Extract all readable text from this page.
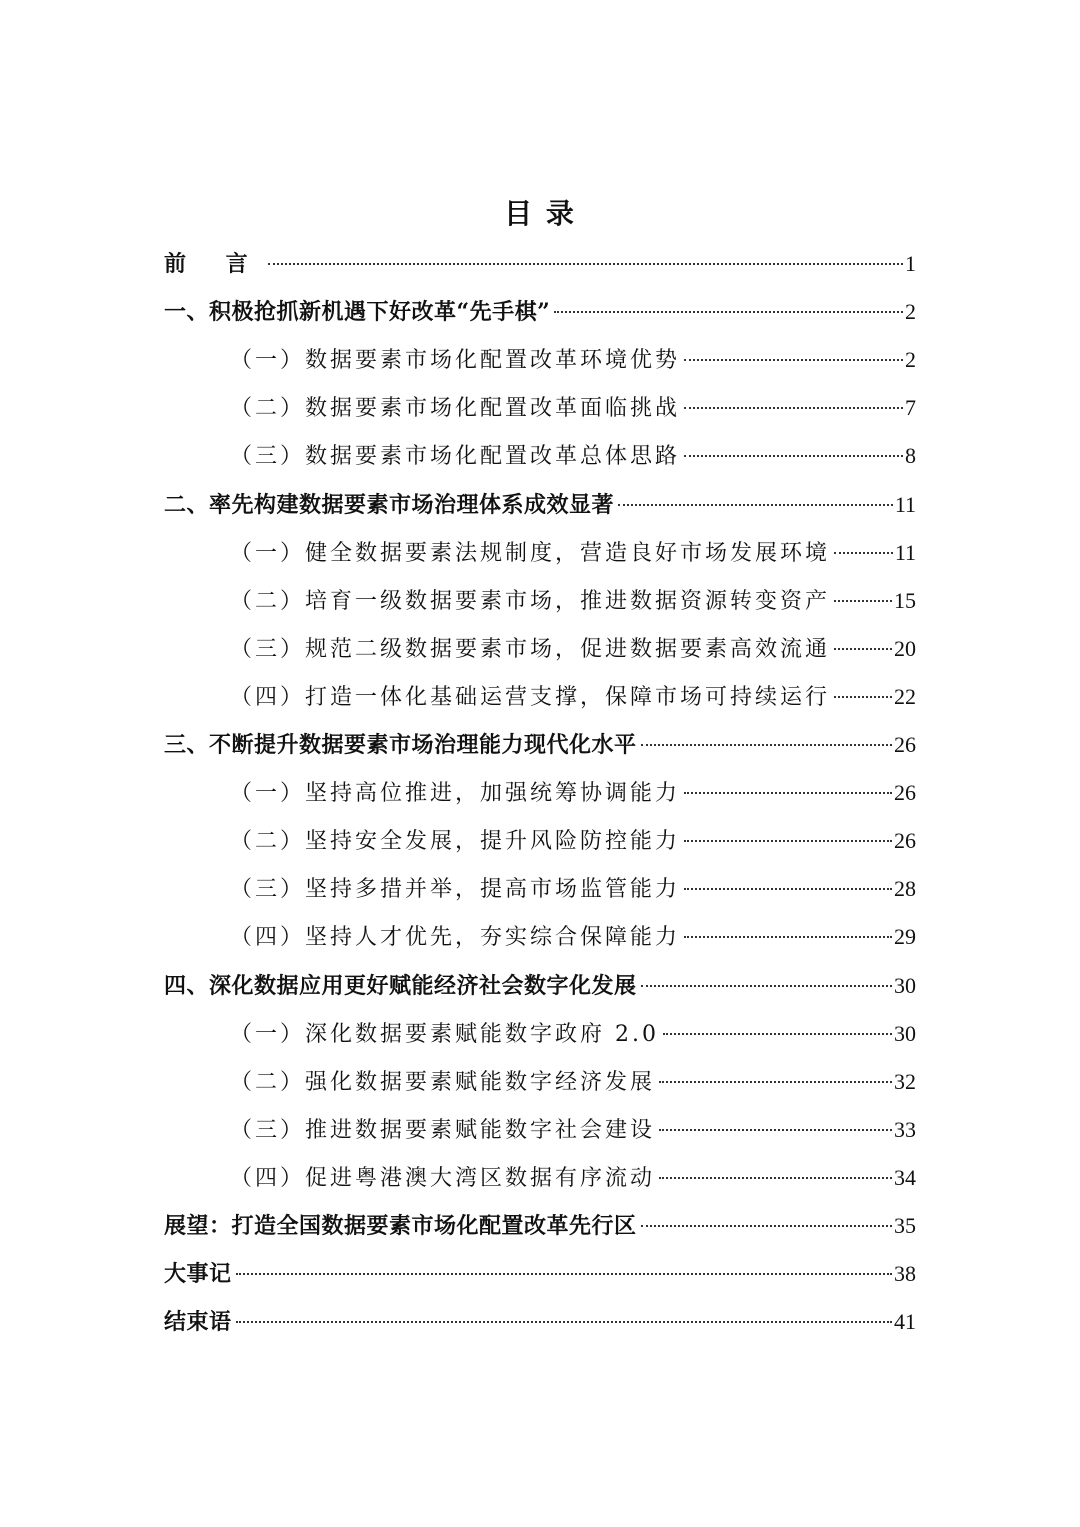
目 录
前 言	1
一、积极抢抓新机遇下好改革“先手棋”	2
（一）数据要素市场化配置改革环境优势	2
（二）数据要素市场化配置改革面临挑战	7
（三）数据要素市场化配置改革总体思路	8
二、率先构建数据要素市场治理体系成效显著	11
（一）健全数据要素法规制度，营造良好市场发展环境	11
（二）培育一级数据要素市场，推进数据资源转变资产	15
（三）规范二级数据要素市场，促进数据要素高效流通	20
（四）打造一体化基础运营支撑，保障市场可持续运行	22
三、不断提升数据要素市场治理能力现代化水平	26
（一）坚持高位推进，加强统筹协调能力	26
（二）坚持安全发展，提升风险防控能力	26
（三）坚持多措并举，提高市场监管能力	28
（四）坚持人才优先，夯实综合保障能力	29
四、深化数据应用更好赋能经济社会数字化发展	30
（一）深化数据要素赋能数字政府 2.0	30
（二）强化数据要素赋能数字经济发展	32
（三）推进数据要素赋能数字社会建设	33
（四）促进粤港澳大湾区数据有序流动	34
展望：打造全国数据要素市场化配置改革先行区	35
大事记	38
结束语	41
